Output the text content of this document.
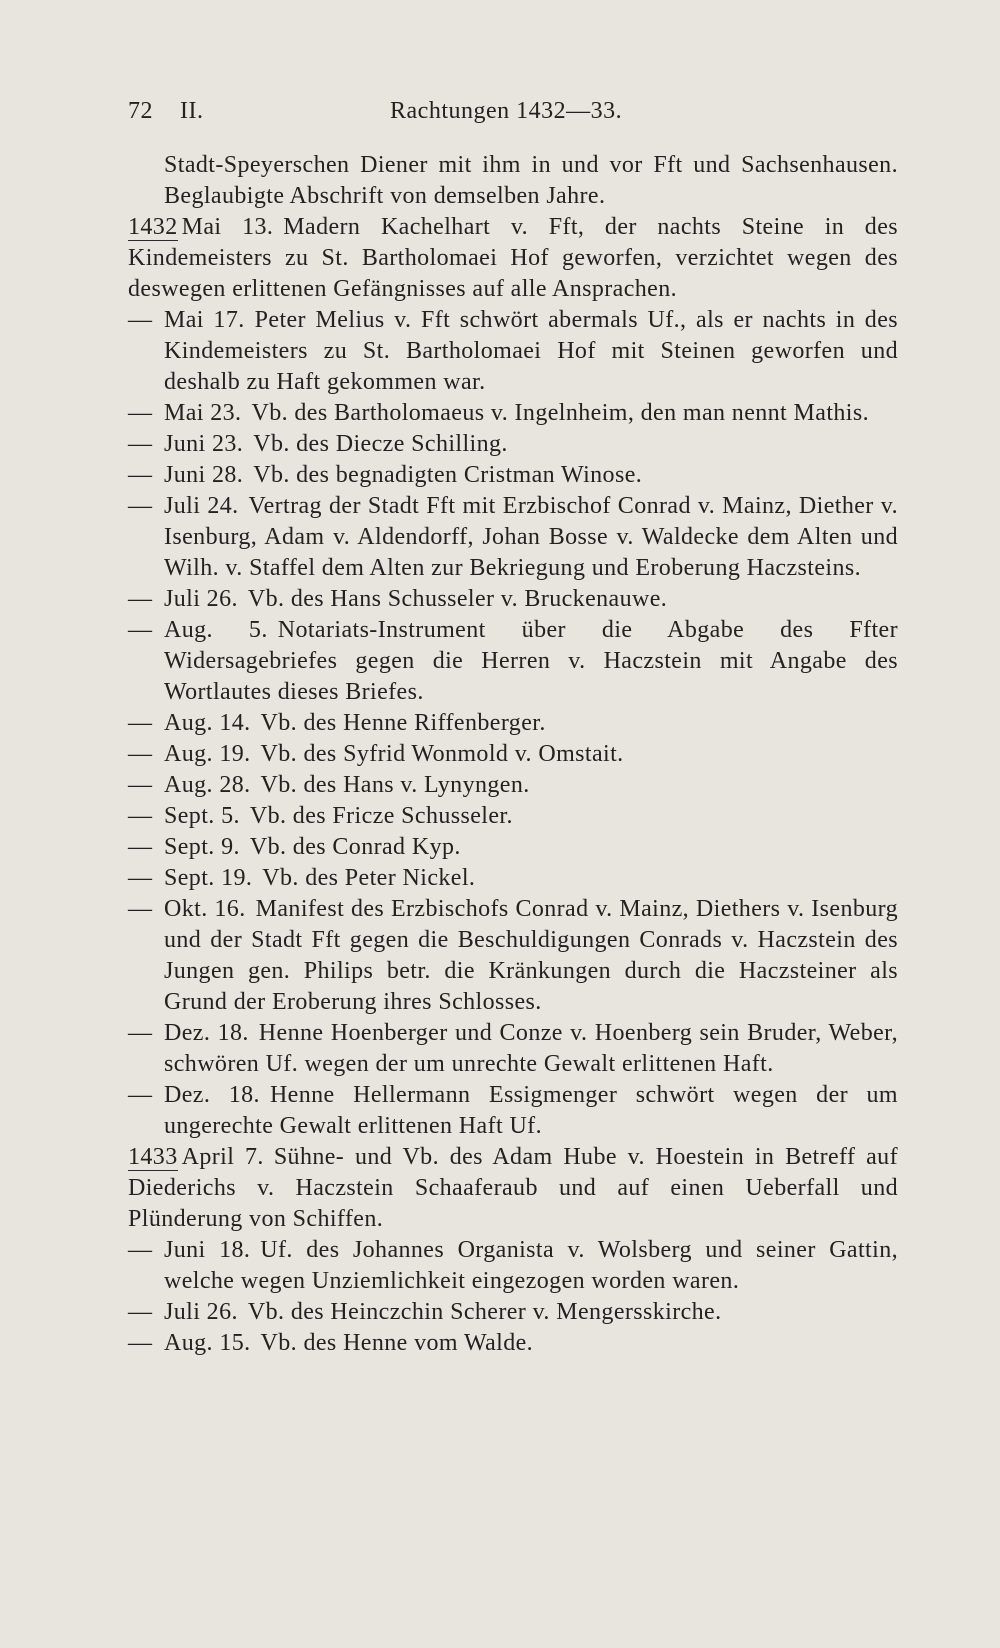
72 II.	Rachtungen 1432—33.
Stadt-Speyerschen Diener mit ihm in und vor Fft und Sachsenhausen. Beglaubigte Abschrift von demselben Jahre.
1432 Mai 13. Madern Kachelhart v. Fft, der nachts Steine in des Kindemeisters zu St. Bartholomaei Hof geworfen, verzichtet wegen des deswegen erlittenen Gefängnisses auf alle Ansprachen.
— Mai 17. Peter Melius v. Fft schwört abermals Uf., als er nachts in des Kindemeisters zu St. Bartholomaei Hof mit Steinen geworfen und deshalb zu Haft gekommen war.
— Mai 23. Vb. des Bartholomaeus v. Ingelnheim, den man nennt Mathis.
— Juni 23. Vb. des Diecze Schilling.
— Juni 28. Vb. des begnadigten Cristman Winose.
— Juli 24. Vertrag der Stadt Fft mit Erzbischof Conrad v. Mainz, Diether v. Isenburg, Adam v. Aldendorff, Johan Bosse v. Waldecke dem Alten und Wilh. v. Staffel dem Alten zur Bekriegung und Eroberung Haczsteins.
— Juli 26. Vb. des Hans Schusseler v. Bruckenauwe.
— Aug. 5. Notariats-Instrument über die Abgabe des Ffter Widersagebriefes gegen die Herren v. Haczstein mit Angabe des Wortlautes dieses Briefes.
— Aug. 14. Vb. des Henne Riffenberger.
— Aug. 19. Vb. des Syfrid Wonmold v. Omstait.
— Aug. 28. Vb. des Hans v. Lynyngen.
— Sept. 5. Vb. des Fricze Schusseler.
— Sept. 9. Vb. des Conrad Kyp.
— Sept. 19. Vb. des Peter Nickel.
— Okt. 16. Manifest des Erzbischofs Conrad v. Mainz, Diethers v. Isenburg und der Stadt Fft gegen die Beschuldigungen Conrads v. Haczstein des Jungen gen. Philips betr. die Kränkungen durch die Haczsteiner als Grund der Eroberung ihres Schlosses.
— Dez. 18. Henne Hoenberger und Conze v. Hoenberg sein Bruder, Weber, schwören Uf. wegen der um unrechte Gewalt erlittenen Haft.
— Dez. 18. Henne Hellermann Essigmenger schwört wegen der um ungerechte Gewalt erlittenen Haft Uf.
1433 April 7. Sühne- und Vb. des Adam Hube v. Hoestein in Betreff auf Diederichs v. Haczstein Schaaferaub und auf einen Ueberfall und Plünderung von Schiffen.
— Juni 18. Uf. des Johannes Organista v. Wolsberg und seiner Gattin, welche wegen Unziemlichkeit eingezogen worden waren.
— Juli 26. Vb. des Heinczchin Scherer v. Mengersskirche.
— Aug. 15. Vb. des Henne vom Walde.
